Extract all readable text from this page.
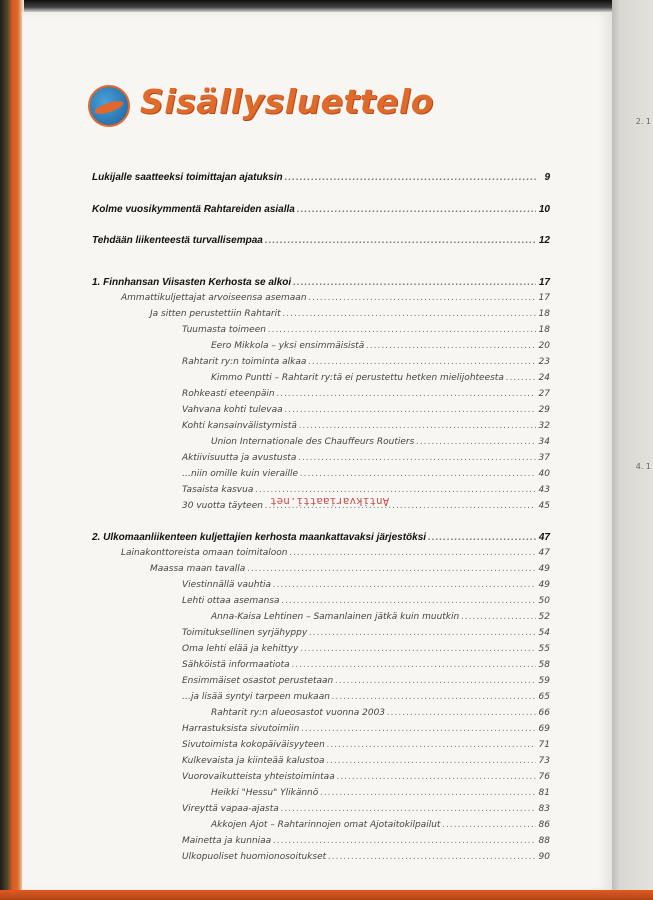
2. 1
4. 1
Sisällysluettelo
Lukijalle saatteeksi toimittajan ajatuksin .....	9
Kolme vuosikymmentä Rahtareiden asialla .....	10
Tehdään liikenteestä turvallisempaa .....	12
1. Finnhansan Viisasten Kerhosta se alkoi .....	17
Ammattikuljettajat arvoiseensa asemaan .....	17
Ja sitten perustettiin Rahtarit .....	18
Tuumasta toimeen .....	18
Eero Mikkola – yksi ensimmäisistä .....	20
Rahtarit ry:n toiminta alkaa .....	23
Kimmo Puntti – Rahtarit ry:tä ei perustettu hetken mielijohteesta .....	24
Rohkeasti eteenpäin .....	27
Vahvana kohti tulevaa .....	29
Kohti kansainvälistymistä .....	32
Union Internationale des Chauffeurs Routiers .....	34
Aktiivisuutta ja avustusta .....	37
…niin omille kuin vieraille .....	40
Tasaista kasvua .....	43
30 vuotta täyteen .....	45
Antikvariaatti.net
2. Ulkomaanliikenteen kuljettajien kerhosta maankattavaksi järjestöksi .....	47
Lainakonttoreista omaan toimitaloon .....	47
Maassa maan tavalla .....	49
Viestinnällä vauhtia .....	49
Lehti ottaa asemansa .....	50
Anna-Kaisa Lehtinen – Samanlainen jätkä kuin muutkin .....	52
Toimituksellinen syrjähyppy .....	54
Oma lehti elää ja kehittyy .....	55
Sähköistä informaatiota .....	58
Ensimmäiset osastot perustetaan .....	59
…ja lisää syntyi tarpeen mukaan .....	65
Rahtarit ry:n alueosastot vuonna 2003 .....	66
Harrastuksista sivutoimiin .....	69
Sivutoimista kokopäiväisyyteen .....	71
Kulkevaista ja kiinteää kalustoa .....	73
Vuorovaikutteista yhteistoimintaa .....	76
Heikki "Hessu" Ylikännö .....	81
Vireyttä vapaa-ajasta .....	83
Akkojen Ajot – Rahtarinnojen omat Ajotaitokilpailut .....	86
Mainetta ja kunniaa .....	88
Ulkopuoliset huomionosoitukset .....	90
